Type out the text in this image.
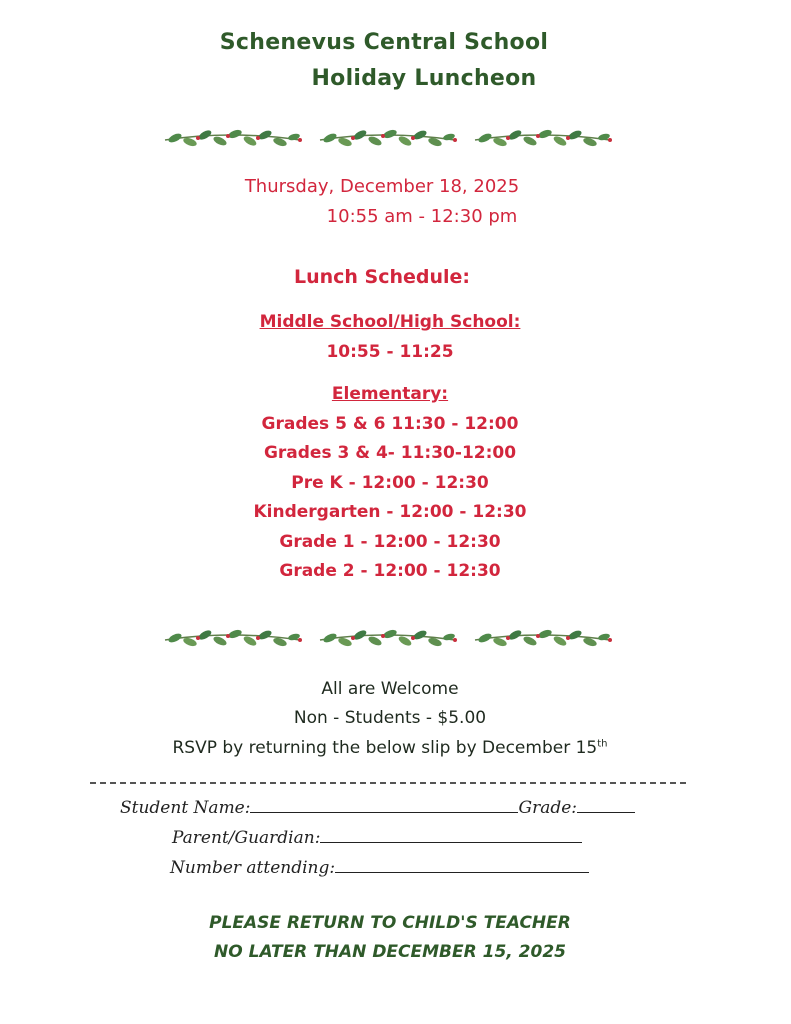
Schenevus Central School
Holiday Luncheon
Thursday, December 18, 2025
10:55 am - 12:30 pm
Lunch Schedule:
Middle School/High School:
10:55 - 11:25
Elementary:
Grades 5 & 6 11:30 - 12:00
Grades 3 & 4- 11:30-12:00
Pre K - 12:00 - 12:30
Kindergarten - 12:00 - 12:30
Grade 1 - 12:00 - 12:30
Grade 2 - 12:00 - 12:30
All are Welcome
Non - Students - $5.00
RSVP by returning the below slip by December 15th
Student Name:	Grade:
Parent/Guardian:
Number attending:
PLEASE RETURN TO CHILD'S TEACHER
NO LATER THAN DECEMBER 15, 2025
